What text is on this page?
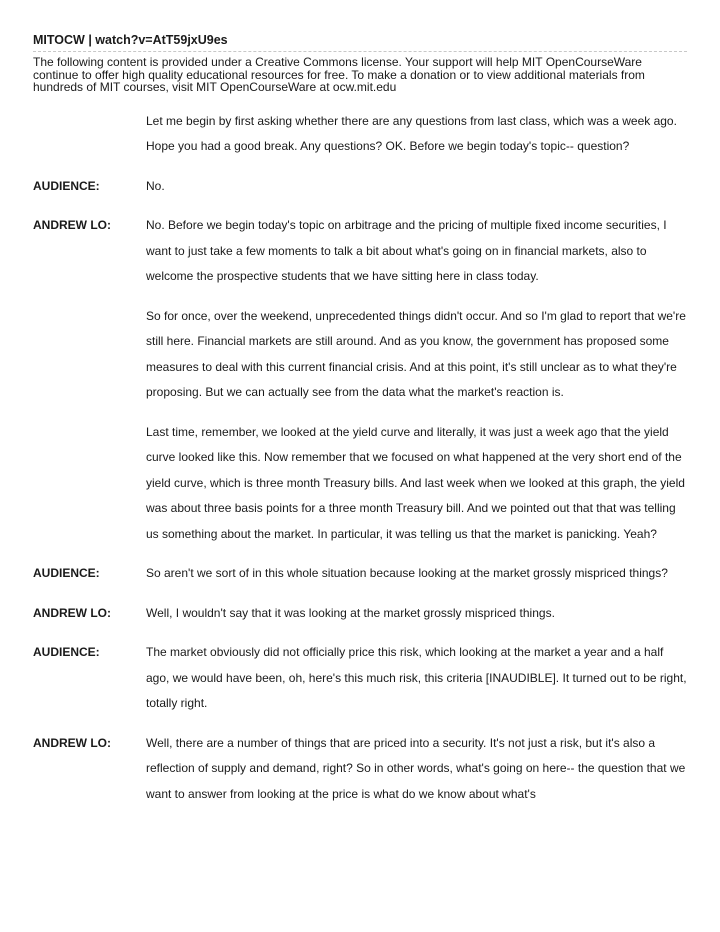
MITOCW | watch?v=AtT59jxU9es
The following content is provided under a Creative Commons license. Your support will help MIT OpenCourseWare continue to offer high quality educational resources for free. To make a donation or to view additional materials from hundreds of MIT courses, visit MIT OpenCourseWare at ocw.mit.edu

Let me begin by first asking whether there are any questions from last class, which was a week ago. Hope you had a good break. Any questions? OK. Before we begin today's topic-- question?

AUDIENCE:	No.

ANDREW LO:	No. Before we begin today's topic on arbitrage and the pricing of multiple fixed income securities, I want to just take a few moments to talk a bit about what's going on in financial markets, also to welcome the prospective students that we have sitting here in class today.

So for once, over the weekend, unprecedented things didn't occur. And so I'm glad to report that we're still here. Financial markets are still around. And as you know, the government has proposed some measures to deal with this current financial crisis. And at this point, it's still unclear as to what they're proposing. But we can actually see from the data what the market's reaction is.

Last time, remember, we looked at the yield curve and literally, it was just a week ago that the yield curve looked like this. Now remember that we focused on what happened at the very short end of the yield curve, which is three month Treasury bills. And last week when we looked at this graph, the yield was about three basis points for a three month Treasury bill. And we pointed out that that was telling us something about the market. In particular, it was telling us that the market is panicking. Yeah?

AUDIENCE:	So aren't we sort of in this whole situation because looking at the market grossly mispriced things?

ANDREW LO:	Well, I wouldn't say that it was looking at the market grossly mispriced things.

AUDIENCE:	The market obviously did not officially price this risk, which looking at the market a year and a half ago, we would have been, oh, here's this much risk, this criteria [INAUDIBLE]. It turned out to be right, totally right.

ANDREW LO:	Well, there are a number of things that are priced into a security. It's not just a risk, but it's also a reflection of supply and demand, right? So in other words, what's going on here-- the question that we want to answer from looking at the price is what do we know about what's
